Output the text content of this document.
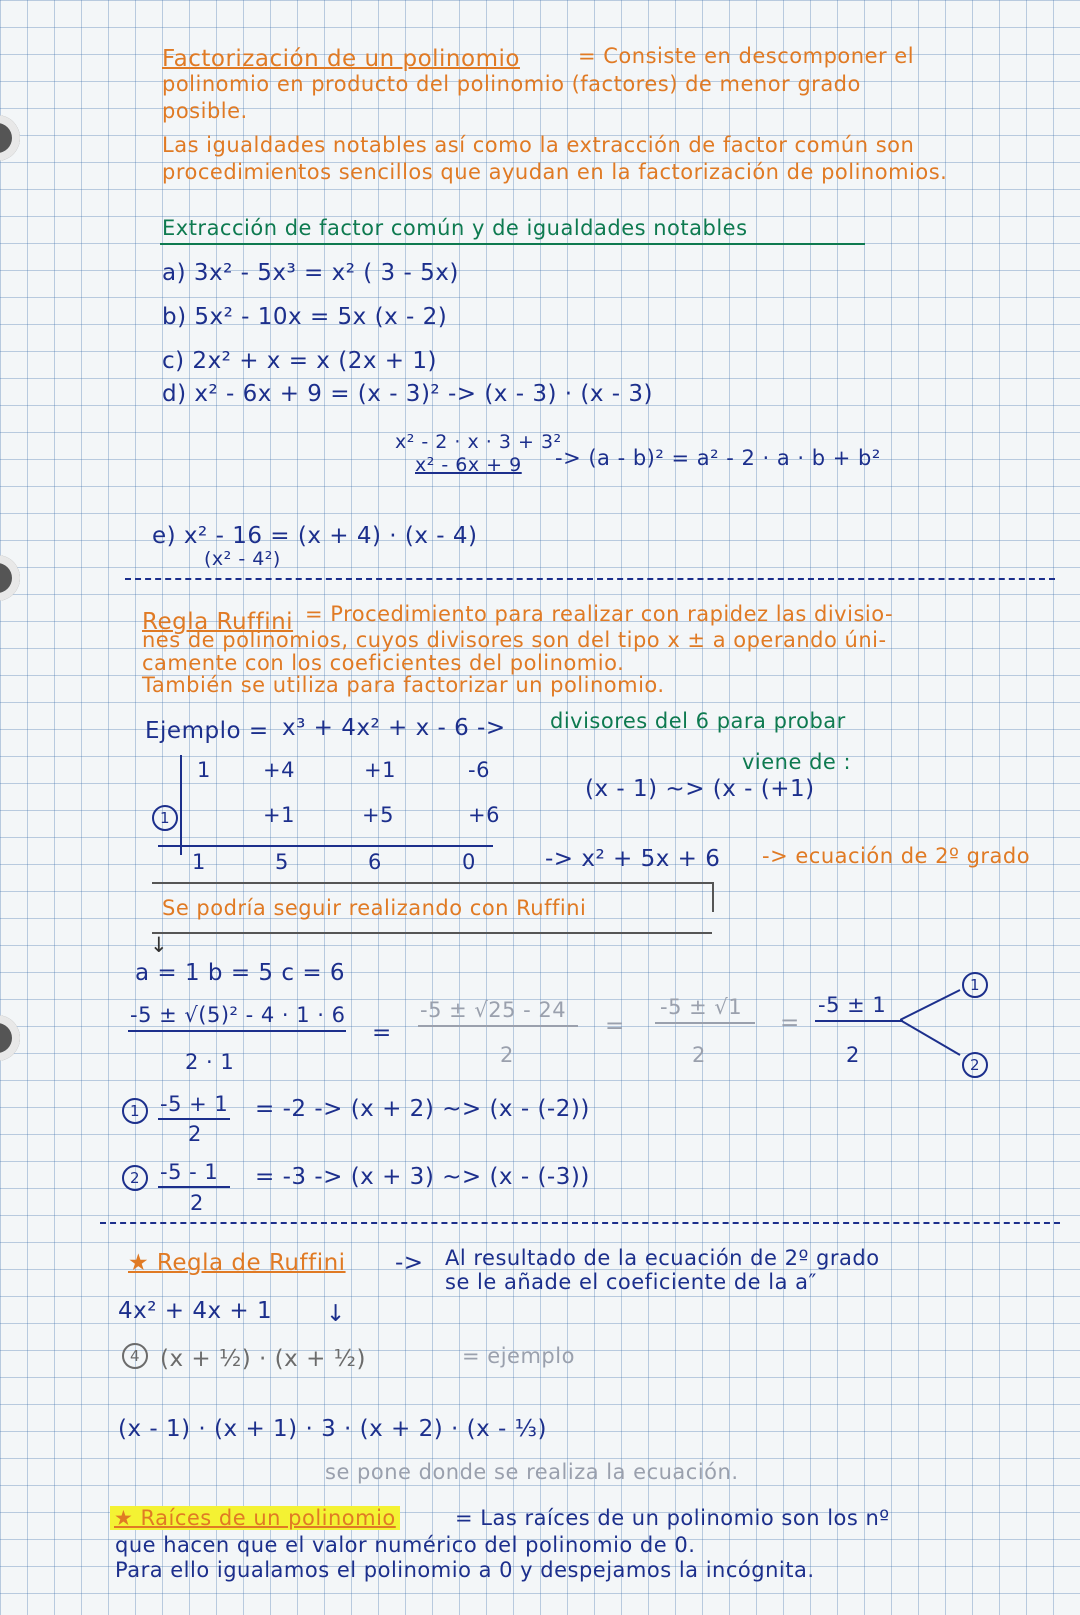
Factorización de un polinomio	= Consiste en descomponer el
polinomio en producto del polinomio (factores) de menor grado
posible.
Las igualdades notables así como la extracción de factor común son
procedimientos sencillos que ayudan en la factorización de polinomios.
Extracción de factor común y de igualdades notables
a) 3x² - 5x³ = x² ( 3 - 5x)
b) 5x² - 10x = 5x (x - 2)
c) 2x² + x = x (2x + 1)
d) x² - 6x + 9 = (x - 3)² -> (x - 3) · (x - 3)
x² - 2 · x · 3 + 3²
x² - 6x + 9 -> (a - b)² = a² - 2 · a · b + b²
e) x² - 16 = (x + 4) · (x - 4)
(x² - 4²)
Regla Ruffini = Procedimiento para realizar con rapidez las divisio-
nes de polinomios, cuyos divisores son del tipo x ± a operando úni-
camente con los coeficientes del polinomio.
También se utiliza para factorizar un polinomio.
Ejemplo = x³ + 4x² + x - 6 -> divisores del 6 para probar
1 +4	+1	-6
1	+1	+5	+6
1	5	6	0
viene de :
(x - 1) ~> (x - (+1)
-> x² + 5x + 6 -> ecuación de 2º grado
Se podría seguir realizando con Ruffini
↓
a = 1 b = 5 c = 6
-5 ± √(5)² - 4 · 1 · 6
2 · 1
=
-5 ± √25 - 24
2
=
-5 ± √1
2
=
-5 ± 1
2
1
2
1 -5 + 1
2
= -2 -> (x + 2) ~> (x - (-2))
2 -5 - 1
2
= -3 -> (x + 3) ~> (x - (-3))
★ Regla de Ruffini -> Al resultado de la ecuación de 2º grado
se le añade el coeficiente de la a″
4x² + 4x + 1 ↓
4 (x + ½) · (x + ½)	= ejemplo
(x - 1) · (x + 1) · 3 · (x + 2) · (x - ⅓)
se pone donde se realiza la ecuación.
★ Raíces de un polinomio	= Las raíces de un polinomio son los nº
que hacen que el valor numérico del polinomio de 0.
Para ello igualamos el polinomio a 0 y despejamos la incógnita.
